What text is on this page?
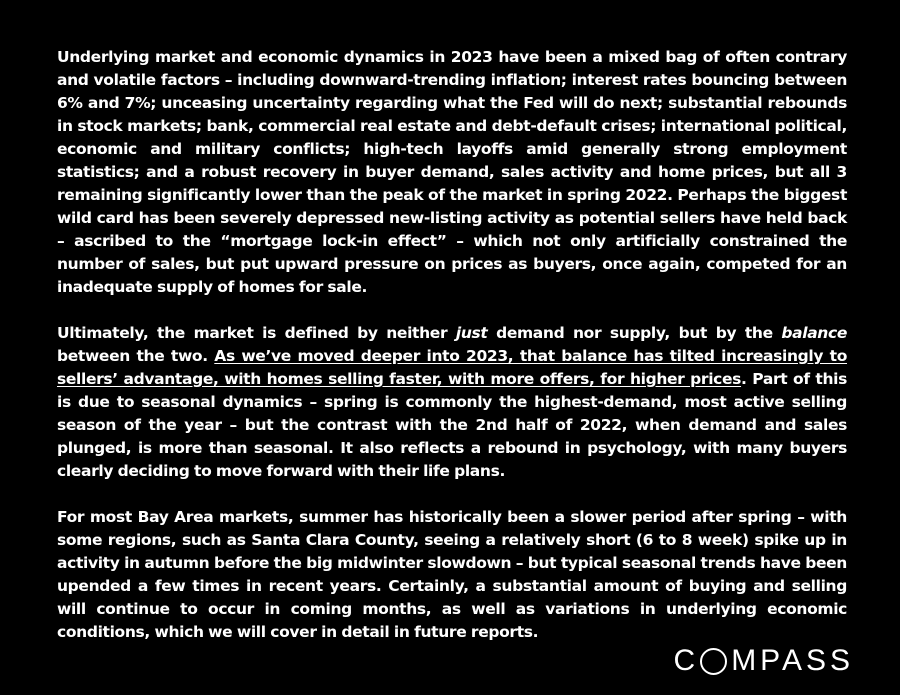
Underlying market and economic dynamics in 2023 have been a mixed bag of often contrary and volatile factors – including downward-trending inflation; interest rates bouncing between 6% and 7%; unceasing uncertainty regarding what the Fed will do next; substantial rebounds in stock markets; bank, commercial real estate and debt-default crises; international political, economic and military conflicts; high-tech layoffs amid generally strong employment statistics; and a robust recovery in buyer demand, sales activity and home prices, but all 3 remaining significantly lower than the peak of the market in spring 2022. Perhaps the biggest wild card has been severely depressed new-listing activity as potential sellers have held back – ascribed to the “mortgage lock-in effect” – which not only artificially constrained the number of sales, but put upward pressure on prices as buyers, once again, competed for an inadequate supply of homes for sale.

Ultimately, the market is defined by neither just demand nor supply, but by the balance between the two. As we’ve moved deeper into 2023, that balance has tilted increasingly to sellers’ advantage, with homes selling faster, with more offers, for higher prices. Part of this is due to seasonal dynamics – spring is commonly the highest-demand, most active selling season of the year – but the contrast with the 2nd half of 2022, when demand and sales plunged, is more than seasonal. It also reflects a rebound in psychology, with many buyers clearly deciding to move forward with their life plans.

For most Bay Area markets, summer has historically been a slower period after spring – with some regions, such as Santa Clara County, seeing a relatively short (6 to 8 week) spike up in activity in autumn before the big midwinter slowdown – but typical seasonal trends have been upended a few times in recent years. Certainly, a substantial amount of buying and selling will continue to occur in coming months, as well as variations in underlying economic conditions, which we will cover in detail in future reports.

C MPASS
